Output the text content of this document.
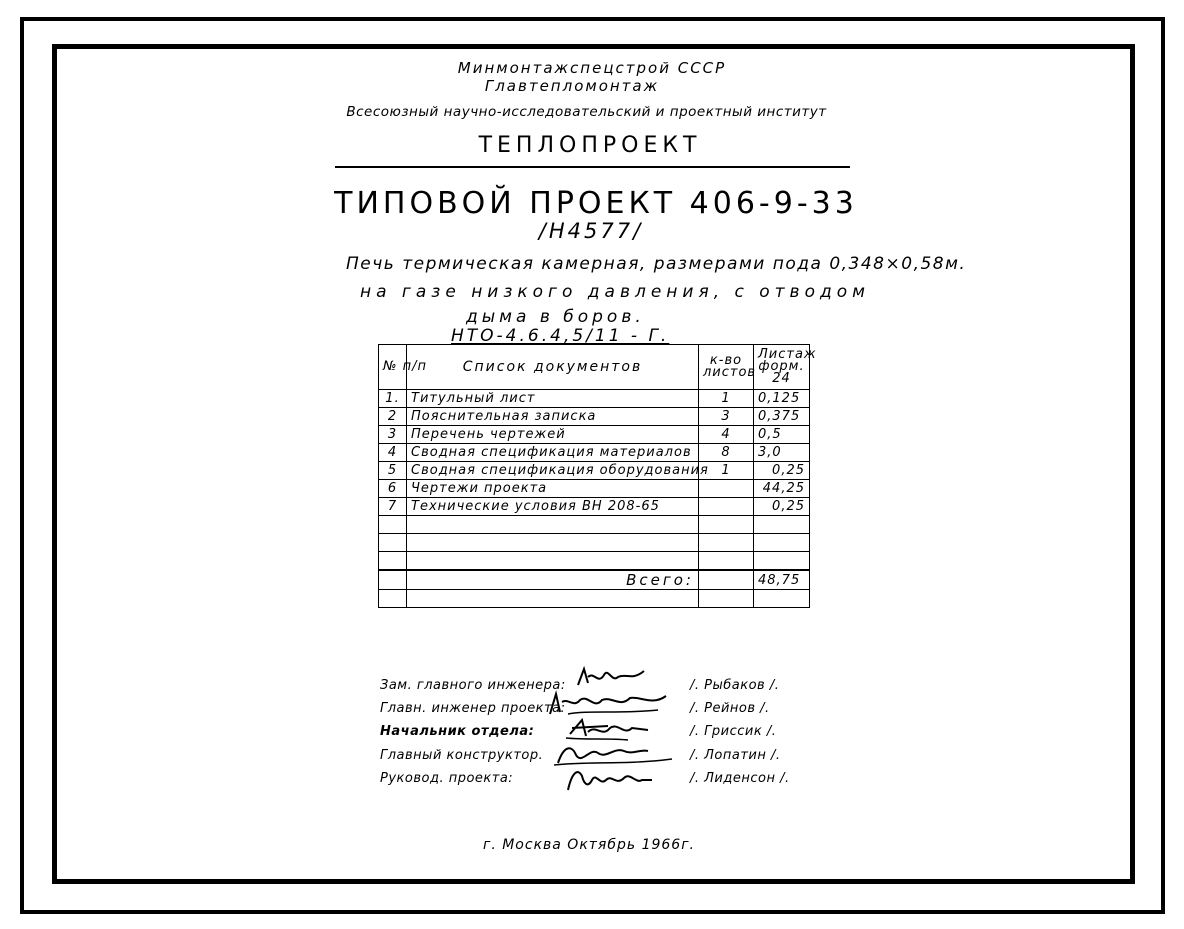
Минмонтажспецстрой СССР
Главтепломонтаж
Всесоюзный научно-исследовательский и проектный институт
ТЕПЛОПРОЕКТ
ТИПОВОЙ ПРОЕКТ 406-9-33
/Н4577/
Печь термическая камерная, размерами пода 0,348×0,58м.
на газе низкого давления, с отводом
дыма в боров.
НТО-4.6.4,5/11 - Г.
№ п/п	Список документов	к-во листов	Листаж форм. 24
1.	Титульный лист	1	0,125
2	Пояснительная записка	3	0,375
3	Перечень чертежей	4	0,5
4	Сводная спецификация материалов	8	3,0
5	Сводная спецификация оборудования	1	0,25
6	Чертежи проекта		44,25
7	Технические условия ВН 208-65		0,25

	Всего:		48,75

Зам. главного инженера:	/. Рыбаков /.
Главн. инженер проекта:	/. Рейнов /.
Начальник отдела:	/. Гриссик /.
Главный конструктор.	/. Лопатин /.
Руковод. проекта:	/. Лиденсон /.
г. Москва Октябрь 1966г.
